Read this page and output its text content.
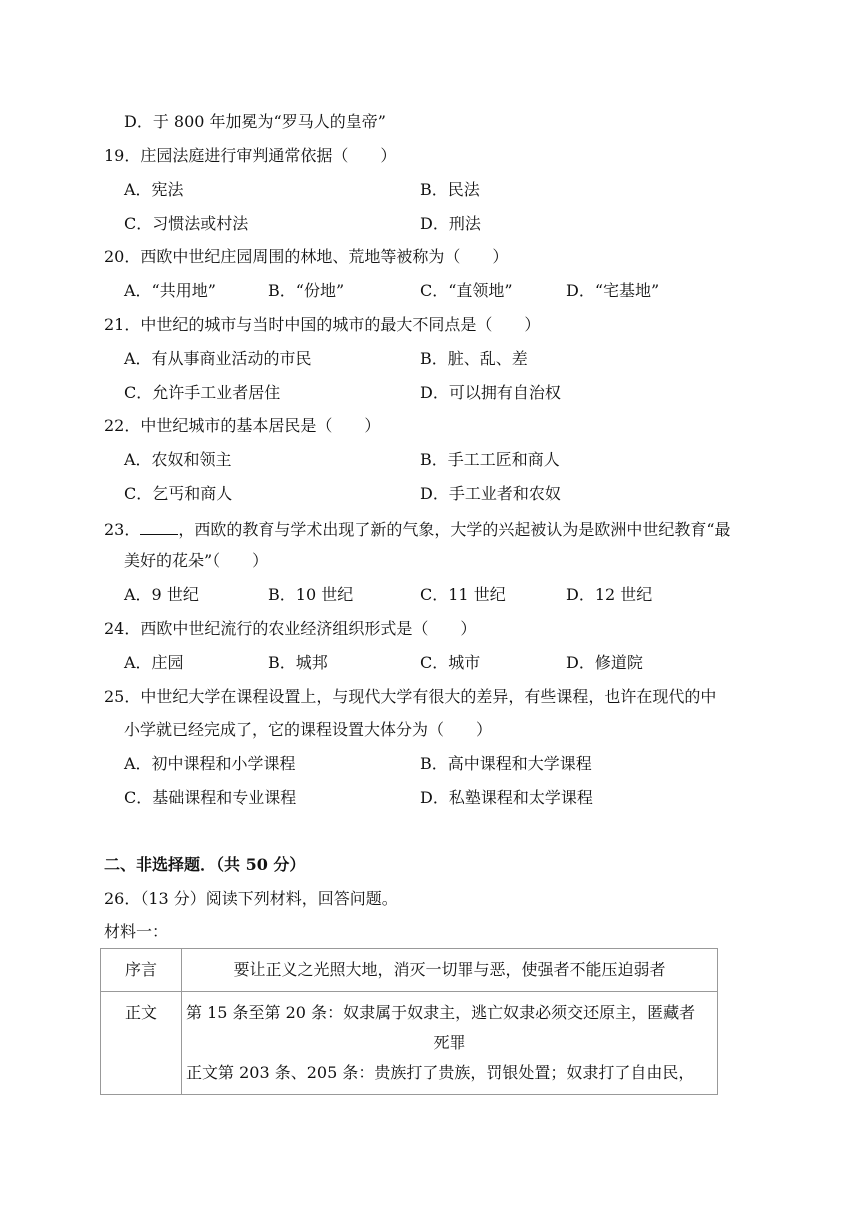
D．于 800 年加冕为“罗马人的皇帝”
19．庄园法庭进行审判通常依据（　　）
A．宪法	B．民法
C．习惯法或村法	D．刑法
20．西欧中世纪庄园周围的林地、荒地等被称为（　　）
A．“共用地”	B．“份地”	C．“直领地”	D．“宅基地”
21．中世纪的城市与当时中国的城市的最大不同点是（　　）
A．有从事商业活动的市民	B．脏、乱、差
C．允许手工业者居住	D．可以拥有自治权
22．中世纪城市的基本居民是（　　）
A．农奴和领主	B．手工工匠和商人
C．乞丐和商人	D．手工业者和农奴
23． ，西欧的教育与学术出现了新的气象，大学的兴起被认为是欧洲中世纪教育“最
美好的花朵”（　　）
A．9 世纪	B．10 世纪	C．11 世纪	D．12 世纪
24．西欧中世纪流行的农业经济组织形式是（　　）
A．庄园	B．城邦	C．城市	D．修道院
25．中世纪大学在课程设置上，与现代大学有很大的差异，有些课程，也许在现代的中
小学就已经完成了，它的课程设置大体分为（　　）
A．初中课程和小学课程	B．高中课程和大学课程
C．基础课程和专业课程	D．私塾课程和太学课程
二、非选择题．（共 50 分）
26．（13 分）阅读下列材料，回答问题。
材料一：
序言	要让正义之光照大地，消灭一切罪与恶，使强者不能压迫弱者
正文	第 15 条至第 20 条：奴隶属于奴隶主，逃亡奴隶必须交还原主，匿藏者
死罪
正文第 203 条、205 条：贵族打了贵族，罚银处置；奴隶打了自由民，
